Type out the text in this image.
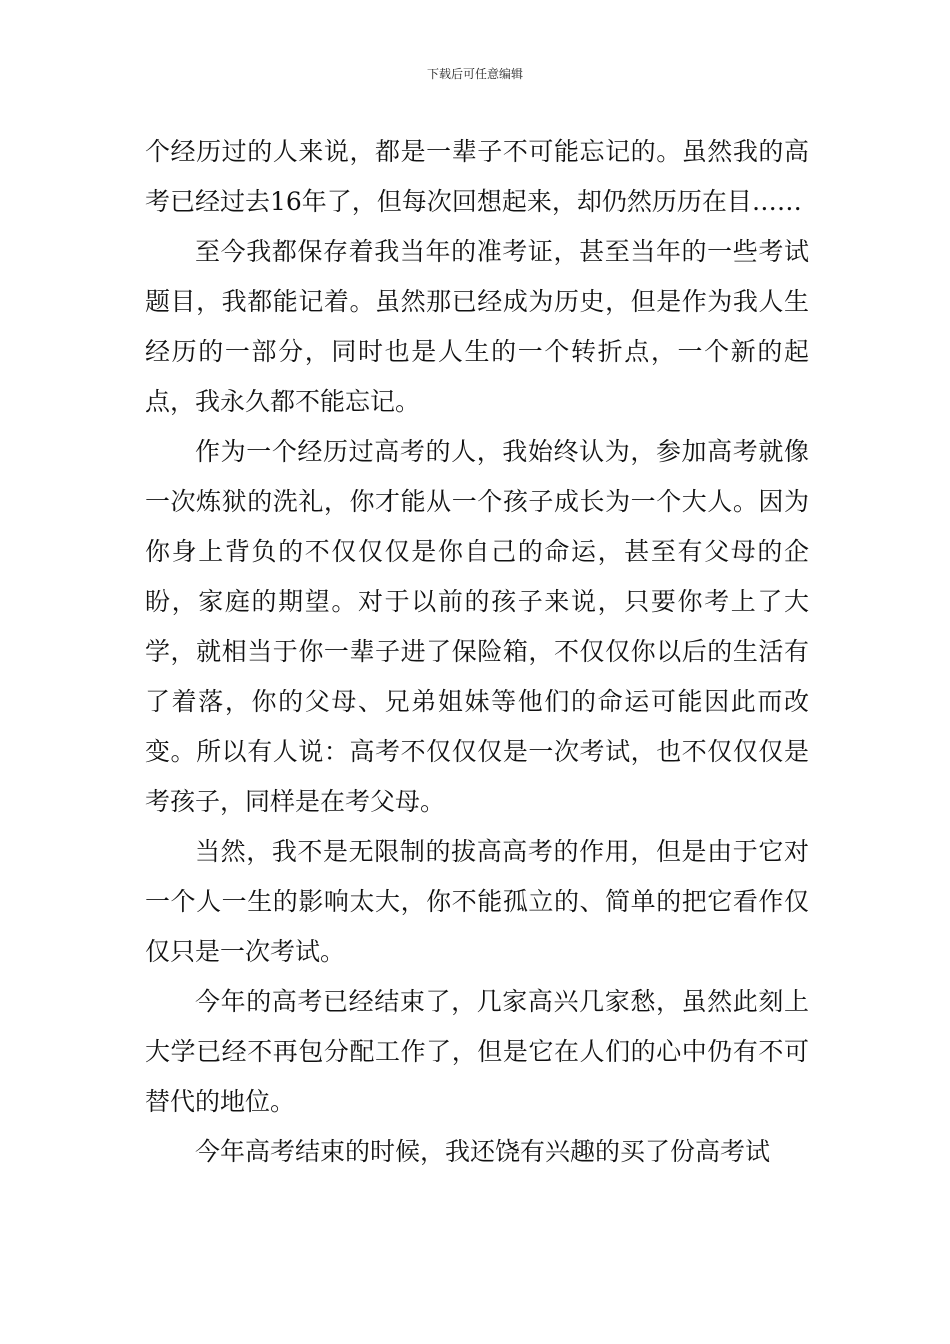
下载后可任意编辑

个经历过的人来说，都是一辈子不可能忘记的。虽然我的高考已经过去16年了，但每次回想起来，却仍然历历在目……

至今我都保存着我当年的准考证，甚至当年的一些考试题目，我都能记着。虽然那已经成为历史，但是作为我人生经历的一部分，同时也是人生的一个转折点，一个新的起点，我永久都不能忘记。

作为一个经历过高考的人，我始终认为，参加高考就像一次炼狱的洗礼，你才能从一个孩子成长为一个大人。因为你身上背负的不仅仅仅是你自己的命运，甚至有父母的企盼，家庭的期望。对于以前的孩子来说，只要你考上了大学，就相当于你一辈子进了保险箱，不仅仅你以后的生活有了着落，你的父母、兄弟姐妹等他们的命运可能因此而改变。所以有人说：高考不仅仅仅是一次考试，也不仅仅仅是考孩子，同样是在考父母。

当然，我不是无限制的拔高高考的作用，但是由于它对一个人一生的影响太大，你不能孤立的、简单的把它看作仅仅只是一次考试。

今年的高考已经结束了，几家高兴几家愁，虽然此刻上大学已经不再包分配工作了，但是它在人们的心中仍有不可替代的地位。

今年高考结束的时候，我还饶有兴趣的买了份高考试
